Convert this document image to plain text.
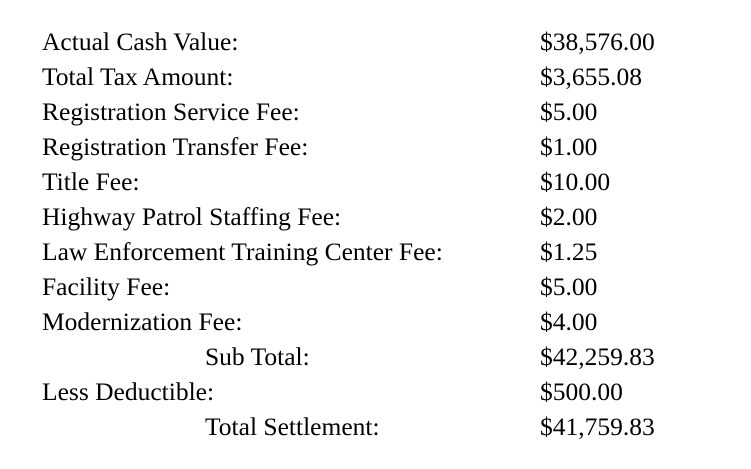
Actual Cash Value:	$38,576.00
Total Tax Amount:	$3,655.08
Registration Service Fee:	$5.00
Registration Transfer Fee:	$1.00
Title Fee:	$10.00
Highway Patrol Staffing Fee:	$2.00
Law Enforcement Training Center Fee:	$1.25
Facility Fee:	$5.00
Modernization Fee:	$4.00
Sub Total:	$42,259.83
Less Deductible:	$500.00
Total Settlement:	$41,759.83
